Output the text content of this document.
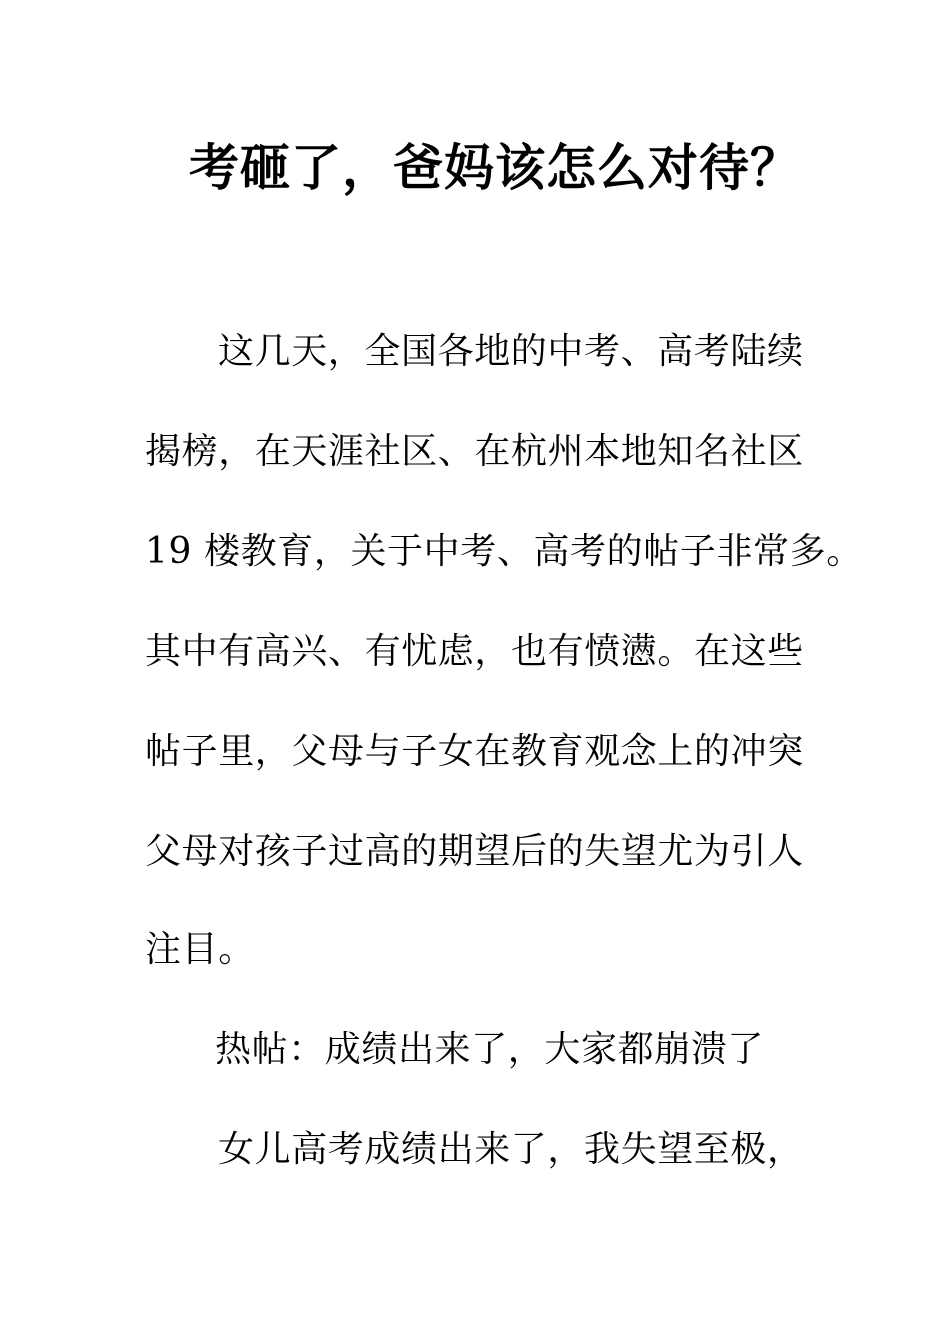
考砸了，爸妈该怎么对待？
这几天，全国各地的中考、高考陆续
揭榜，在天涯社区、在杭州本地知名社区
19 楼教育，关于中考、高考的帖子非常多。
其中有高兴、有忧虑，也有愤懑。在这些
帖子里，父母与子女在教育观念上的冲突
父母对孩子过高的期望后的失望尤为引人
注目。
热帖：成绩出来了，大家都崩溃了
女儿高考成绩出来了，我失望至极，
